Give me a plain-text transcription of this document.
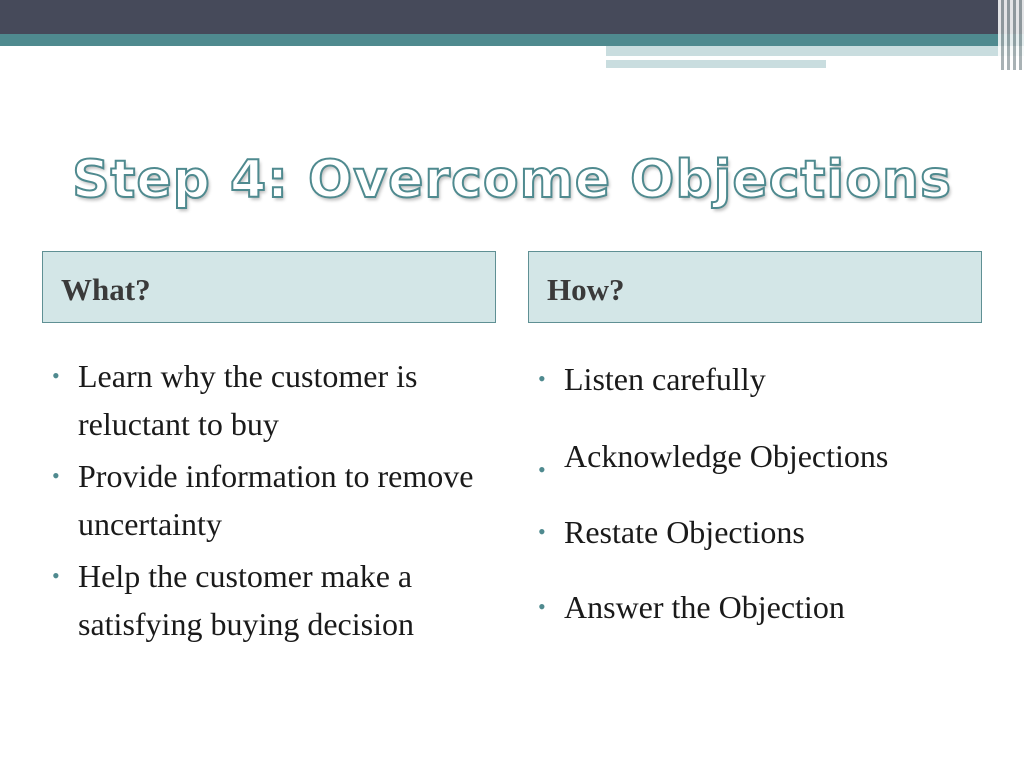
Step 4: Overcome Objections
What?	How?
• Learn why the customer is reluctant to buy
• Provide information to remove uncertainty
• Help the customer make a satisfying buying decision
• Listen carefully
• Acknowledge Objections
• Restate Objections
• Answer the Objection
